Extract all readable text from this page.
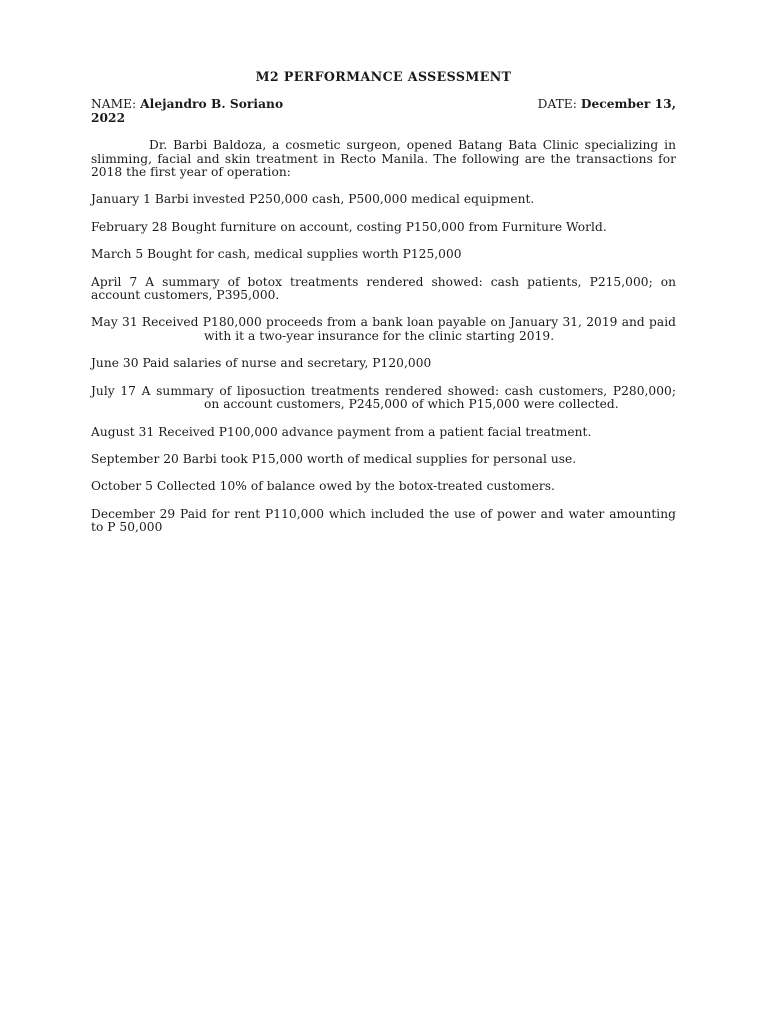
M2 PERFORMANCE ASSESSMENT
NAME: Alejandro B. Soriano	DATE: December 13,
2022

Dr. Barbi Baldoza, a cosmetic surgeon, opened Batang Bata Clinic specializing in slimming, facial and skin treatment in Recto Manila. The following are the transactions for 2018 the first year of operation:

January 1 Barbi invested P250,000 cash, P500,000 medical equipment.

February 28 Bought furniture on account, costing P150,000 from Furniture World.

March 5 Bought for cash, medical supplies worth P125,000

April 7 A summary of botox treatments rendered showed: cash patients, P215,000; on account customers, P395,000.

May 31 Received P180,000 proceeds from a bank loan payable on January 31, 2019 and paid with it a two-year insurance for the clinic starting 2019.

June 30 Paid salaries of nurse and secretary, P120,000

July 17 A summary of liposuction treatments rendered showed: cash customers, P280,000; on account customers, P245,000 of which P15,000 were collected.

August 31 Received P100,000 advance payment from a patient facial treatment.

September 20 Barbi took P15,000 worth of medical supplies for personal use.

October 5 Collected 10% of balance owed by the botox-treated customers.

December 29 Paid for rent P110,000 which included the use of power and water amounting to P 50,000
